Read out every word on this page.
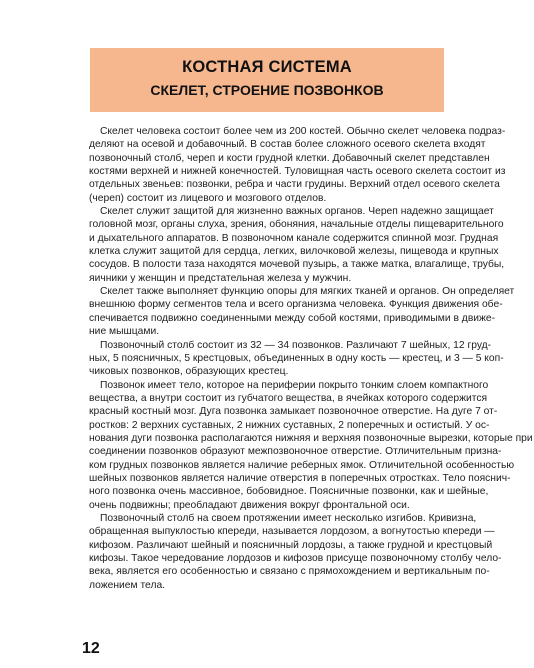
КОСТНАЯ СИСТЕМА
СКЕЛЕТ, СТРОЕНИЕ ПОЗВОНКОВ
Скелет человека состоит более чем из 200 костей. Обычно скелет человека подраз-
деляют на осевой и добавочный. В состав более сложного осевого скелета входят
позвоночный столб, череп и кости грудной клетки. Добавочный скелет представлен
костями верхней и нижней конечностей. Туловищная часть осевого скелета состоит из
отдельных звеньев: позвонки, ребра и части грудины. Верхний отдел осевого скелета
(череп) состоит из лицевого и мозгового отделов.
Скелет служит защитой для жизненно важных органов. Череп надежно защищает
головной мозг, органы слуха, зрения, обоняния, начальные отделы пищеварительного
и дыхательного аппаратов. В позвоночном канале содержится спинной мозг. Грудная
клетка служит защитой для сердца, легких, вилочковой железы, пищевода и крупных
сосудов. В полости таза находятся мочевой пузырь, а также матка, влагалище, трубы,
яичники у женщин и предстательная железа у мужчин.
Скелет также выполняет функцию опоры для мягких тканей и органов. Он определяет
внешнюю форму сегментов тела и всего организма человека. Функция движения обе-
спечивается подвижно соединенными между собой костями, приводимыми в движе-
ние мышцами.
Позвоночный столб состоит из 32 — 34 позвонков. Различают 7 шейных, 12 груд-
ных, 5 поясничных, 5 крестцовых, объединенных в одну кость — крестец, и 3 — 5 коп-
чиковых позвонков, образующих крестец.
Позвонок имеет тело, которое на периферии покрыто тонким слоем компактного
вещества, а внутри состоит из губчатого вещества, в ячейках которого содержится
красный костный мозг. Дуга позвонка замыкает позвоночное отверстие. На дуге 7 от-
ростков: 2 верхних суставных, 2 нижних суставных, 2 поперечных и остистый. У ос-
нования дуги позвонка располагаются нижняя и верхняя позвоночные вырезки, которые при
соединении позвонков образуют межпозвоночное отверстие. Отличительным призна-
ком грудных позвонков является наличие реберных ямок. Отличительной особенностью
шейных позвонков является наличие отверстия в поперечных отростках. Тело пояснич-
ного позвонка очень массивное, бобовидное. Поясничные позвонки, как и шейные,
очень подвижны; преобладают движения вокруг фронтальной оси.
Позвоночный столб на своем протяжении имеет несколько изгибов. Кривизна,
обращенная выпуклостью кпереди, называется лордозом, а вогнутостью кпереди —
кифозом. Различают шейный и поясничный лордозы, а также грудной и крестцовый
кифозы. Такое чередование лордозов и кифозов присуще позвоночному столбу чело-
века, является его особенностью и связано с прямохождением и вертикальным по-
ложением тела.
12
